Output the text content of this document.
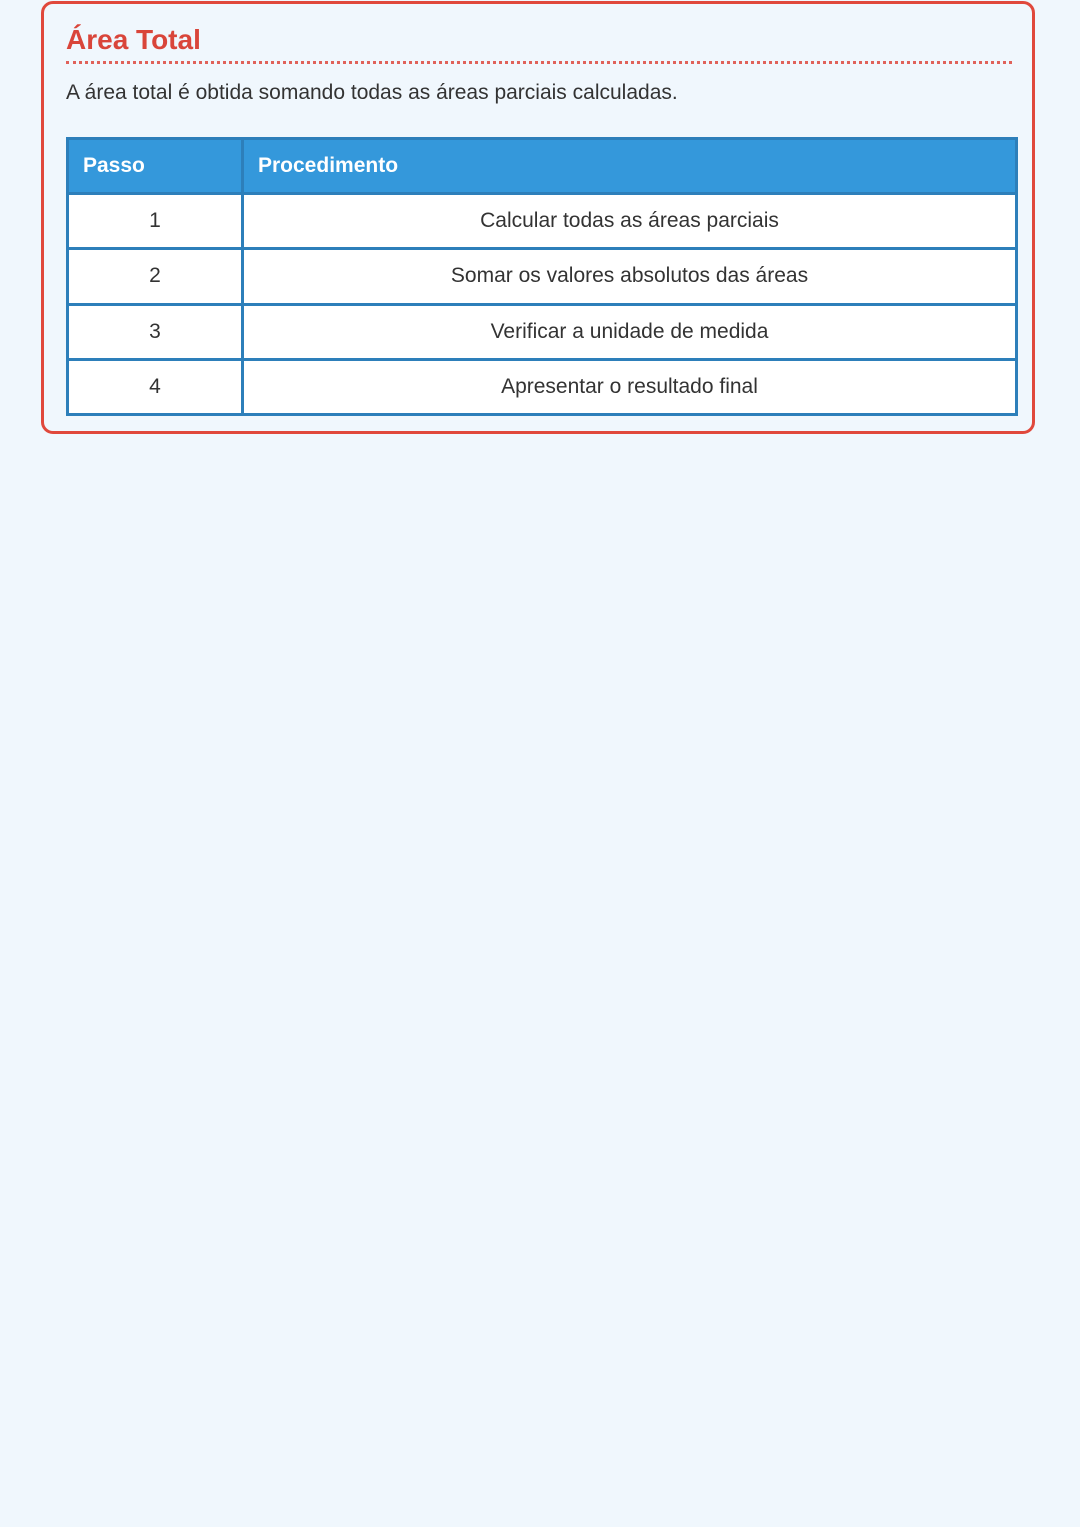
Área Total

A área total é obtida somando todas as áreas parciais calculadas.

Passo	Procedimento
1	Calcular todas as áreas parciais
2	Somar os valores absolutos das áreas
3	Verificar a unidade de medida
4	Apresentar o resultado final
